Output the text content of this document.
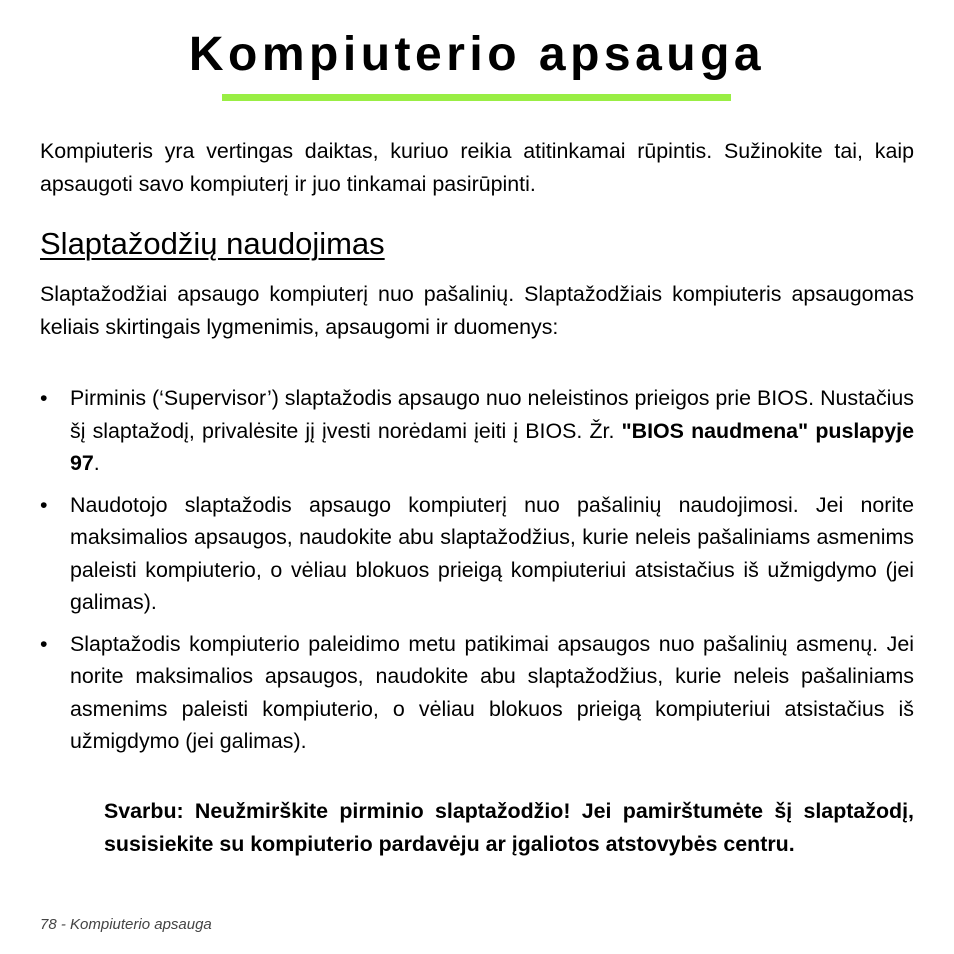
Kompiuterio apsauga

Kompiuteris yra vertingas daiktas, kuriuo reikia atitinkamai rūpintis. Sužinokite tai, kaip apsaugoti savo kompiuterį ir juo tinkamai pasirūpinti.

Slaptažodžių naudojimas

Slaptažodžiai apsaugo kompiuterį nuo pašalinių. Slaptažodžiais kompiuteris apsaugomas keliais skirtingais lygmenimis, apsaugomi ir duomenys:

• Pirminis (‘Supervisor’) slaptažodis apsaugo nuo neleistinos prieigos prie BIOS. Nustačius šį slaptažodį, privalėsite jį įvesti norėdami įeiti į BIOS. Žr. "BIOS naudmena" puslapyje 97.
• Naudotojo slaptažodis apsaugo kompiuterį nuo pašalinių naudojimosi. Jei norite maksimalios apsaugos, naudokite abu slaptažodžius, kurie neleis pašaliniams asmenims paleisti kompiuterio, o vėliau blokuos prieigą kompiuteriui atsistačius iš užmigdymo (jei galimas).
• Slaptažodis kompiuterio paleidimo metu patikimai apsaugos nuo pašalinių asmenų. Jei norite maksimalios apsaugos, naudokite abu slaptažodžius, kurie neleis pašaliniams asmenims paleisti kompiuterio, o vėliau blokuos prieigą kompiuteriui atsistačius iš užmigdymo (jei galimas).

Svarbu: Neužmirškite pirminio slaptažodžio! Jei pamirštumėte šį slaptažodį, susisiekite su kompiuterio pardavėju ar įgaliotos atstovybės centru.

78 - Kompiuterio apsauga
